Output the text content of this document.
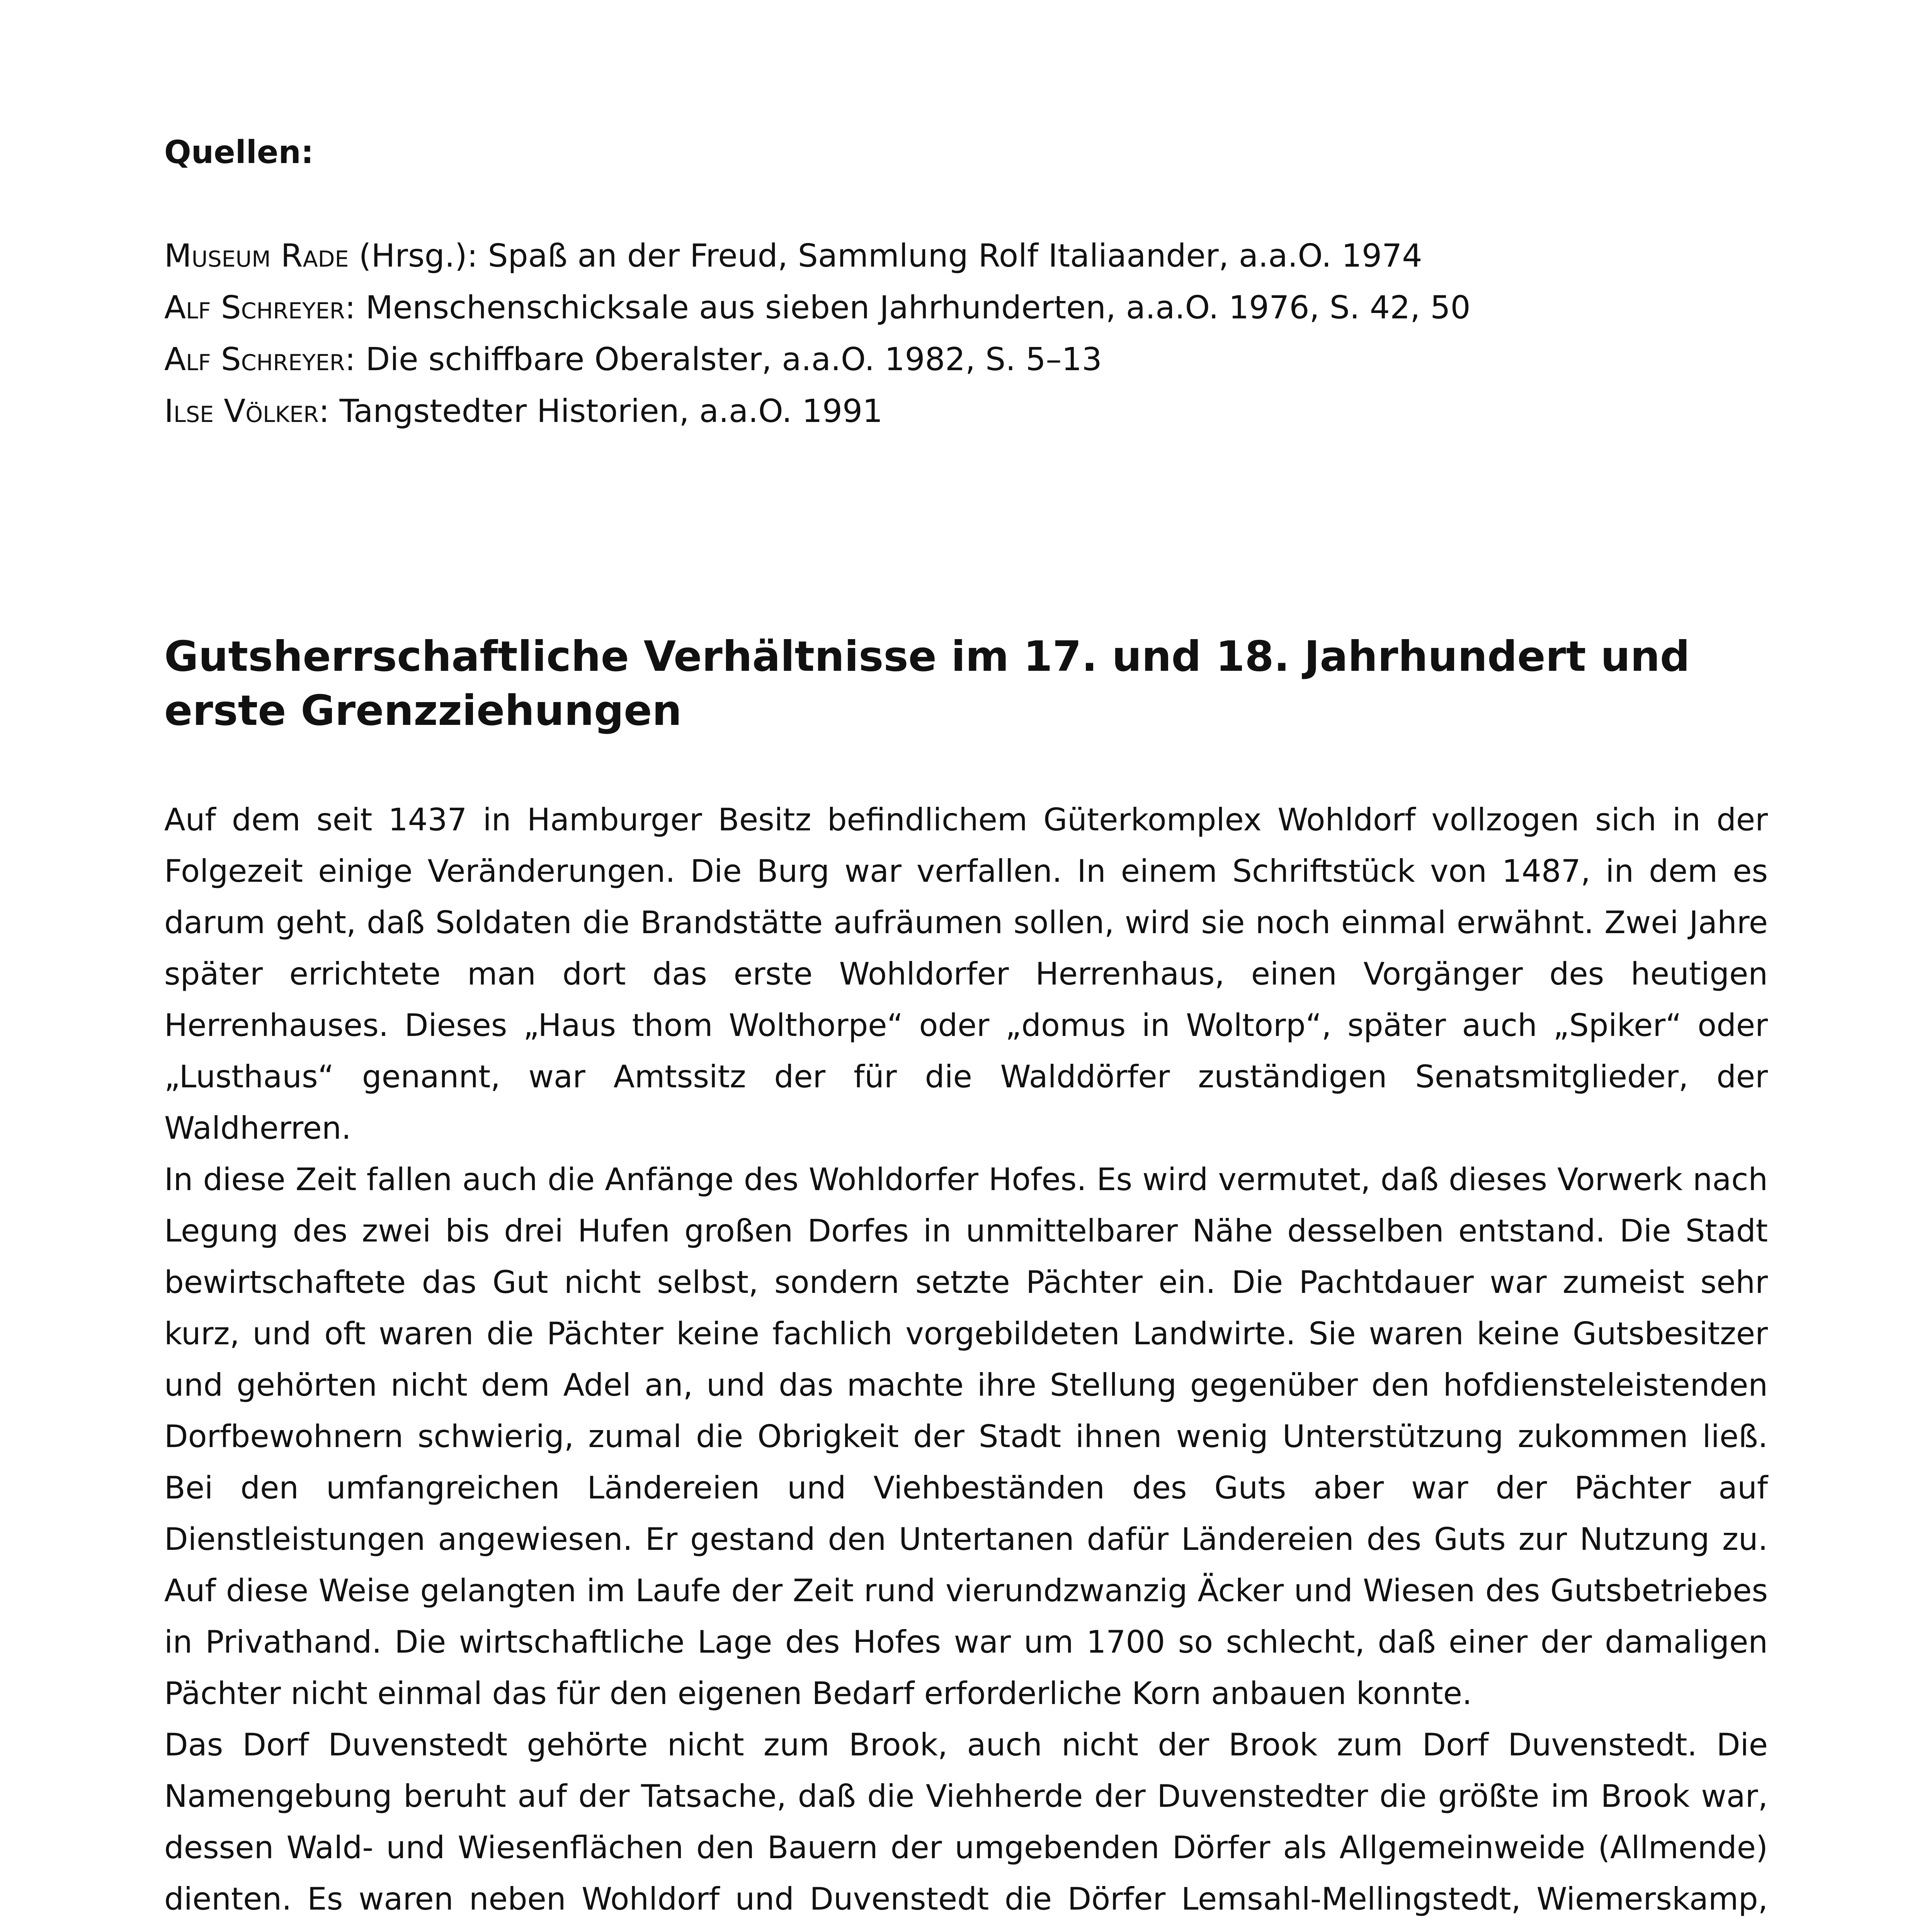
Quellen:
Museum Rade (Hrsg.): Spaß an der Freud, Sammlung Rolf Italiaander, a.a.O. 1974
Alf Schreyer: Menschenschicksale aus sieben Jahrhunderten, a.a.O. 1976, S. 42, 50
Alf Schreyer: Die schiffbare Oberalster, a.a.O. 1982, S. 5–13
Ilse Völker: Tangstedter Historien, a.a.O. 1991
Gutsherrschaftliche Verhältnisse im 17. und 18. Jahrhundert und erste Grenzziehungen

Auf dem seit 1437 in Hamburger Besitz befindlichem Güterkomplex Wohldorf vollzogen sich in der Folgezeit einige Veränderungen. Die Burg war verfallen. In einem Schriftstück von 1487, in dem es darum geht, daß Soldaten die Brandstätte aufräumen sollen, wird sie noch einmal erwähnt. Zwei Jahre später errichtete man dort das erste Wohldorfer Herrenhaus, einen Vorgänger des heutigen Herrenhauses. Dieses „Haus thom Wolthorpe“ oder „domus in Woltorp“, später auch „Spiker“ oder „Lusthaus“ genannt, war Amtssitz der für die Walddörfer zuständigen Senatsmitglieder, der Waldherren.

In diese Zeit fallen auch die Anfänge des Wohldorfer Hofes. Es wird vermutet, daß dieses Vorwerk nach Legung des zwei bis drei Hufen großen Dorfes in unmittelbarer Nähe desselben entstand. Die Stadt bewirtschaftete das Gut nicht selbst, sondern setzte Pächter ein. Die Pachtdauer war zumeist sehr kurz, und oft waren die Pächter keine fachlich vorgebildeten Landwirte. Sie waren keine Gutsbesitzer und gehörten nicht dem Adel an, und das machte ihre Stellung gegenüber den hofdiensteleistenden Dorfbewohnern schwierig, zumal die Obrigkeit der Stadt ihnen wenig Unterstützung zukommen ließ. Bei den umfangreichen Ländereien und Viehbeständen des Guts aber war der Pächter auf Dienstleistungen angewiesen. Er gestand den Untertanen dafür Ländereien des Guts zur Nutzung zu. Auf diese Weise gelangten im Laufe der Zeit rund vierundzwanzig Äcker und Wiesen des Gutsbetriebes in Privathand. Die wirtschaftliche Lage des Hofes war um 1700 so schlecht, daß einer der damaligen Pächter nicht einmal das für den eigenen Bedarf erforderliche Korn anbauen konnte.

Das Dorf Duvenstedt gehörte nicht zum Brook, auch nicht der Brook zum Dorf Duvenstedt. Die Namengebung beruht auf der Tatsache, daß die Viehherde der Duvenstedter die größte im Brook war, dessen Wald- und Wiesenflächen den Bauern der umgebenden Dörfer als Allgemeinweide (Allmende) dienten. Es waren neben Wohldorf und Duvenstedt die Dörfer Lemsahl-Mellingstedt, Wiemerskamp,
